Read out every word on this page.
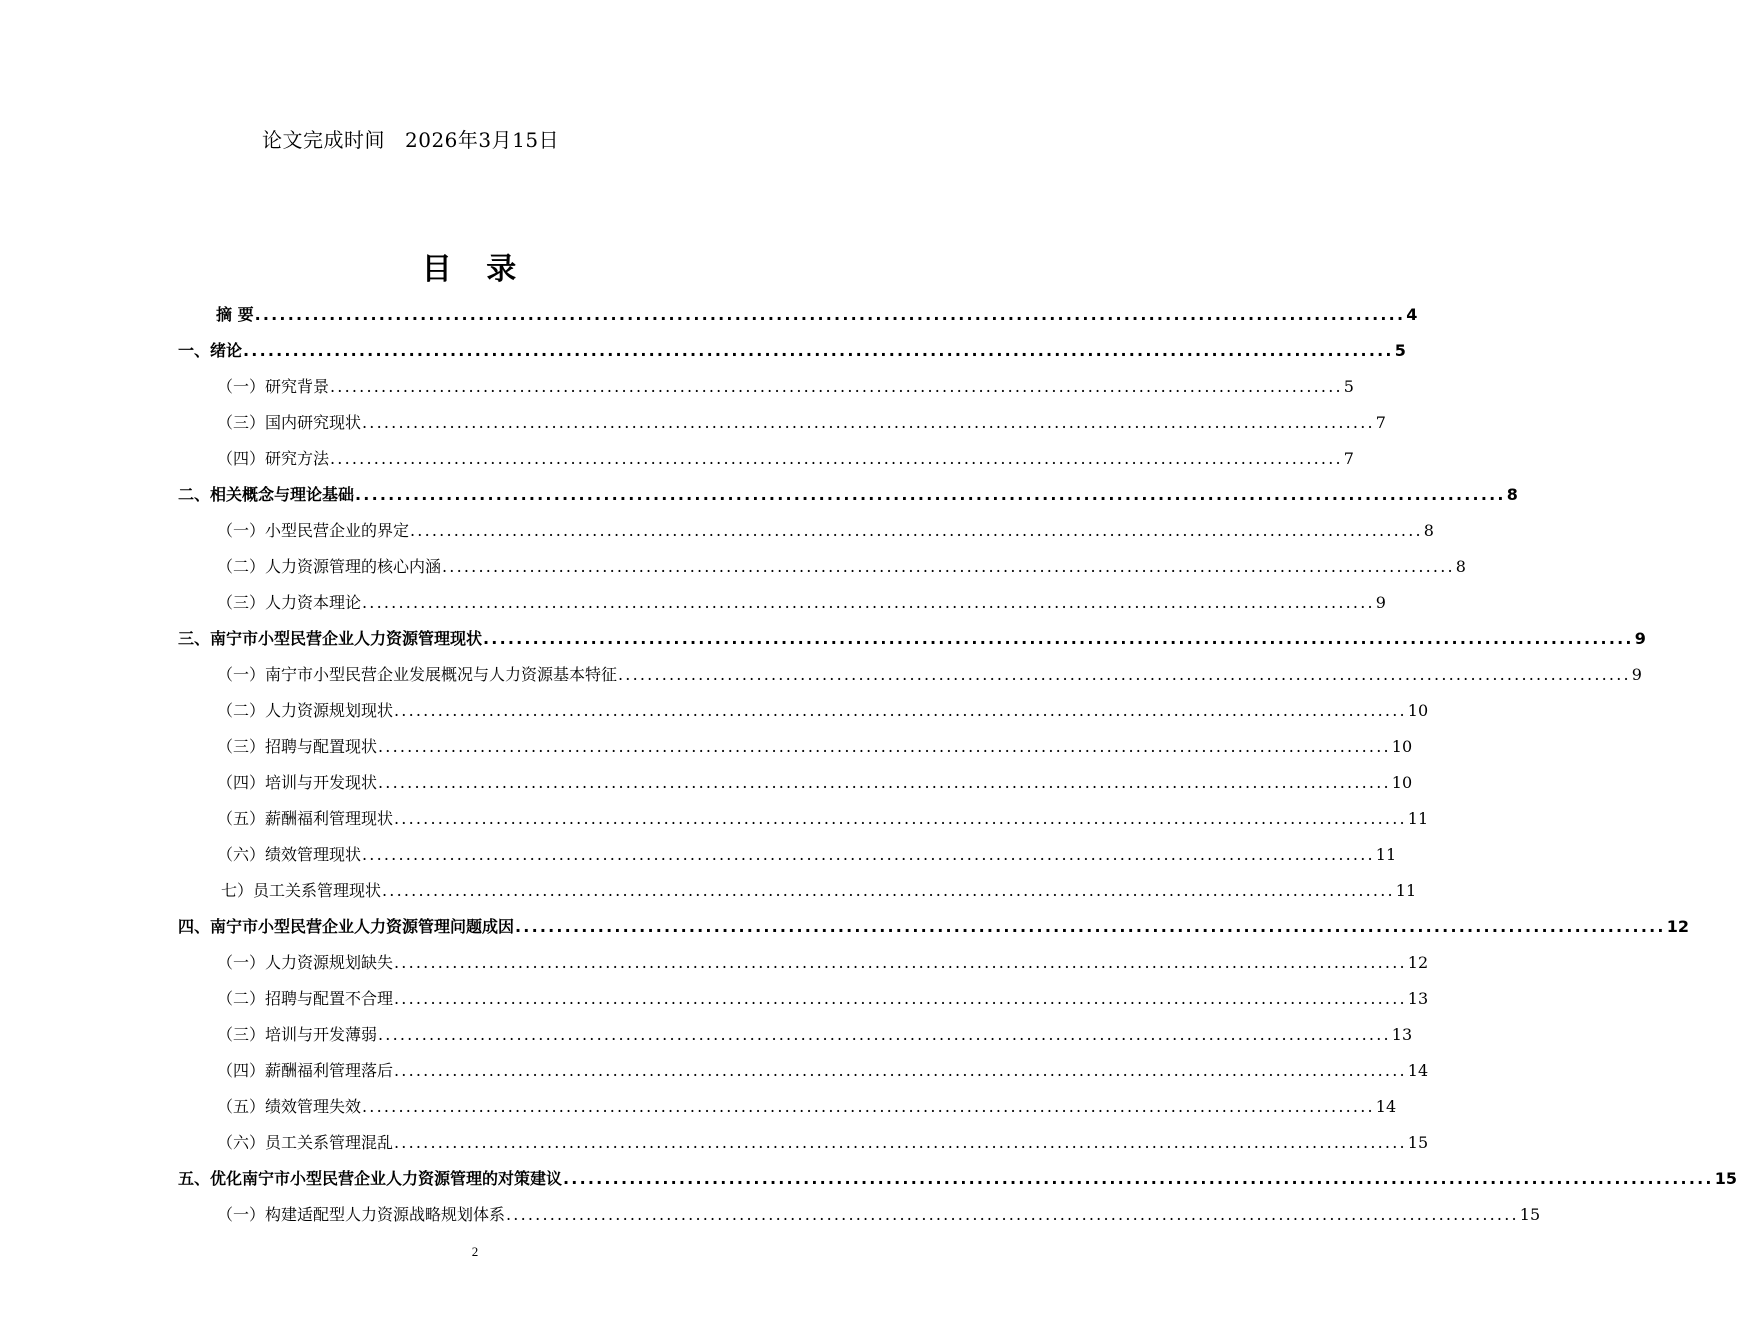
论文完成时间 2026年3月15日
目 录
摘 要 ........................................................................................................................................... 4
一、绪论 ........................................................................................................................................... 5
（一）研究背景 ........................................................................................................................................... 5
（三）国内研究现状 ........................................................................................................................................... 7
（四）研究方法 ........................................................................................................................................... 7
二、相关概念与理论基础 ........................................................................................................................................... 8
（一）小型民营企业的界定 ........................................................................................................................................... 8
（二）人力资源管理的核心内涵 ........................................................................................................................................... 8
（三）人力资本理论 ........................................................................................................................................... 9
三、南宁市小型民营企业人力资源管理现状 ........................................................................................................................................... 9
（一）南宁市小型民营企业发展概况与人力资源基本特征 ........................................................................................................................................... 9
（二）人力资源规划现状 ........................................................................................................................................... 10
（三）招聘与配置现状 ........................................................................................................................................... 10
（四）培训与开发现状 ........................................................................................................................................... 10
（五）薪酬福利管理现状 ........................................................................................................................................... 11
（六）绩效管理现状 ........................................................................................................................................... 11
七）员工关系管理现状 ........................................................................................................................................... 11
四、南宁市小型民营企业人力资源管理问题成因 ........................................................................................................................................... 12
（一）人力资源规划缺失 ........................................................................................................................................... 12
（二）招聘与配置不合理 ........................................................................................................................................... 13
（三）培训与开发薄弱 ........................................................................................................................................... 13
（四）薪酬福利管理落后 ........................................................................................................................................... 14
（五）绩效管理失效 ........................................................................................................................................... 14
（六）员工关系管理混乱 ........................................................................................................................................... 15
五、优化南宁市小型民营企业人力资源管理的对策建议 ........................................................................................................................................... 15
（一）构建适配型人力资源战略规划体系 ........................................................................................................................................... 15
2
